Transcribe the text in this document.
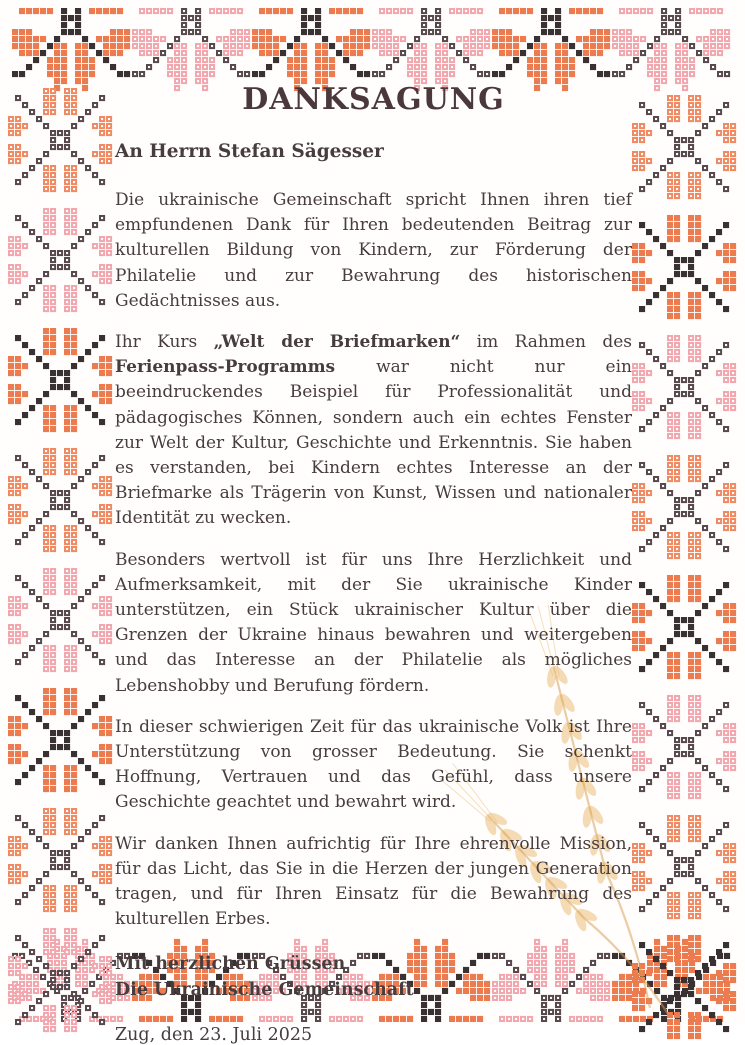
DANKSAGUNG

An Herrn Stefan Sägesser

Die ukrainische Gemeinschaft spricht Ihnen ihren tief empfundenen Dank für Ihren bedeutenden Beitrag zur kulturellen Bildung von Kindern, zur Förderung der Philatelie und zur Bewahrung des historischen Gedächtnisses aus.

Ihr Kurs „Welt der Briefmarken“ im Rahmen des Ferienpass-Programms war nicht nur ein beeindruckendes Beispiel für Professionalität und pädagogisches Können, sondern auch ein echtes Fenster zur Welt der Kultur, Geschichte und Erkenntnis. Sie haben es verstanden, bei Kindern echtes Interesse an der Briefmarke als Trägerin von Kunst, Wissen und nationaler Identität zu wecken.

Besonders wertvoll ist für uns Ihre Herzlichkeit und Aufmerksamkeit, mit der Sie ukrainische Kinder unterstützen, ein Stück ukrainischer Kultur über die Grenzen der Ukraine hinaus bewahren und weitergeben und das Interesse an der Philatelie als mögliches Lebenshobby und Berufung fördern.

In dieser schwierigen Zeit für das ukrainische Volk ist Ihre Unterstützung von grosser Bedeutung. Sie schenkt Hoffnung, Vertrauen und das Gefühl, dass unsere Geschichte geachtet und bewahrt wird.

Wir danken Ihnen aufrichtig für Ihre ehrenvolle Mission, für das Licht, das Sie in die Herzen der jungen Generation tragen, und für Ihren Einsatz für die Bewahrung des kulturellen Erbes.

Mit herzlichen Grüssen

Die Ukrainische Gemeinschaft

Zug, den 23. Juli 2025
